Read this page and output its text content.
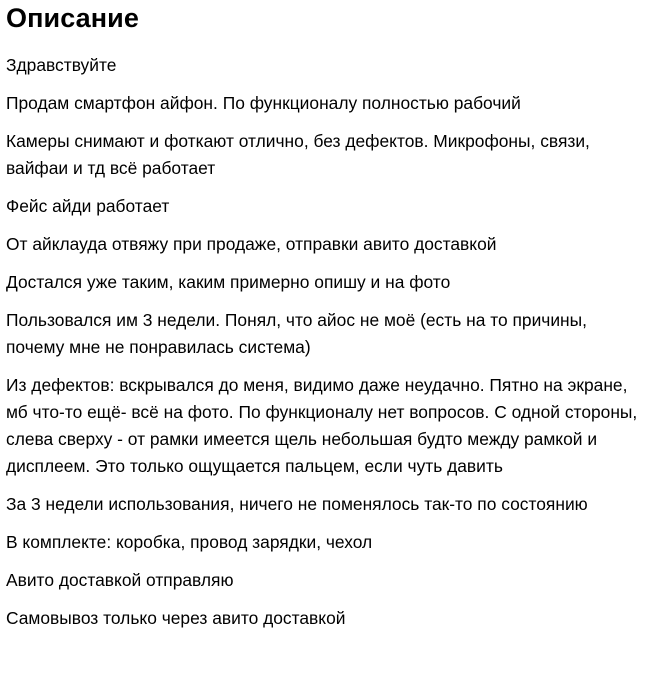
Описание

Здравствуйте

Продам смартфон айфон. По функционалу полностью рабочий

Камеры снимают и фоткают отлично, без дефектов. Микрофоны, связи, вайфаи и тд всё работает

Фейс айди работает

От айклауда отвяжу при продаже, отправки авито доставкой

Достался уже таким, каким примерно опишу и на фото

Пользовался им 3 недели. Понял, что айос не моё (есть на то причины, почему мне не понравилась система)

Из дефектов: вскрывался до меня, видимо даже неудачно. Пятно на экране, мб что-то ещё- всё на фото. По функционалу нет вопросов. С одной стороны, слева сверху - от рамки имеется щель небольшая будто между рамкой и дисплеем. Это только ощущается пальцем, если чуть давить

За 3 недели использования, ничего не поменялось так-то по состоянию

В комплекте: коробка, провод зарядки, чехол

Авито доставкой отправляю

Самовывоз только через авито доставкой
